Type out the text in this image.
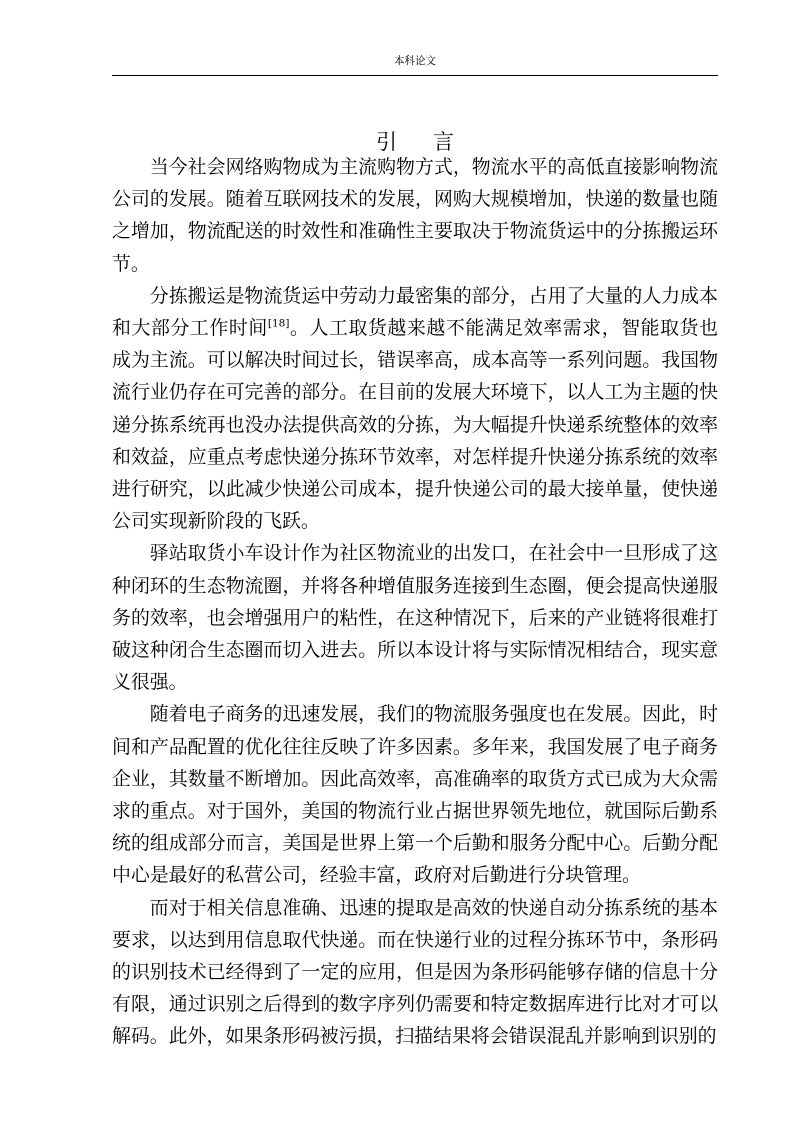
本科论文
引言

当今社会网络购物成为主流购物方式，物流水平的高低直接影响物流公司的发展。随着互联网技术的发展，网购大规模增加，快递的数量也随之增加，物流配送的时效性和准确性主要取决于物流货运中的分拣搬运环节。

分拣搬运是物流货运中劳动力最密集的部分，占用了大量的人力成本和大部分工作时间[18]。人工取货越来越不能满足效率需求，智能取货也成为主流。可以解决时间过长，错误率高，成本高等一系列问题。我国物流行业仍存在可完善的部分。在目前的发展大环境下，以人工为主题的快递分拣系统再也没办法提供高效的分拣，为大幅提升快递系统整体的效率和效益，应重点考虑快递分拣环节效率，对怎样提升快递分拣系统的效率进行研究，以此减少快递公司成本，提升快递公司的最大接单量，使快递公司实现新阶段的飞跃。

驿站取货小车设计作为社区物流业的出发口，在社会中一旦形成了这种闭环的生态物流圈，并将各种增值服务连接到生态圈，便会提高快递服务的效率，也会增强用户的粘性，在这种情况下，后来的产业链将很难打破这种闭合生态圈而切入进去。所以本设计将与实际情况相结合，现实意义很强。

随着电子商务的迅速发展，我们的物流服务强度也在发展。因此，时间和产品配置的优化往往反映了许多因素。多年来，我国发展了电子商务企业，其数量不断增加。因此高效率，高准确率的取货方式已成为大众需求的重点。对于国外，美国的物流行业占据世界领先地位，就国际后勤系统的组成部分而言，美国是世界上第一个后勤和服务分配中心。后勤分配中心是最好的私营公司，经验丰富，政府对后勤进行分块管理。

而对于相关信息准确、迅速的提取是高效的快递自动分拣系统的基本要求，以达到用信息取代快递。而在快递行业的过程分拣环节中，条形码的识别技术已经得到了一定的应用，但是因为条形码能够存储的信息十分有限，通过识别之后得到的数字序列仍需要和特定数据库进行比对才可以解码。此外，如果条形码被污损，扫描结果将会错误混乱并影响到识别的
